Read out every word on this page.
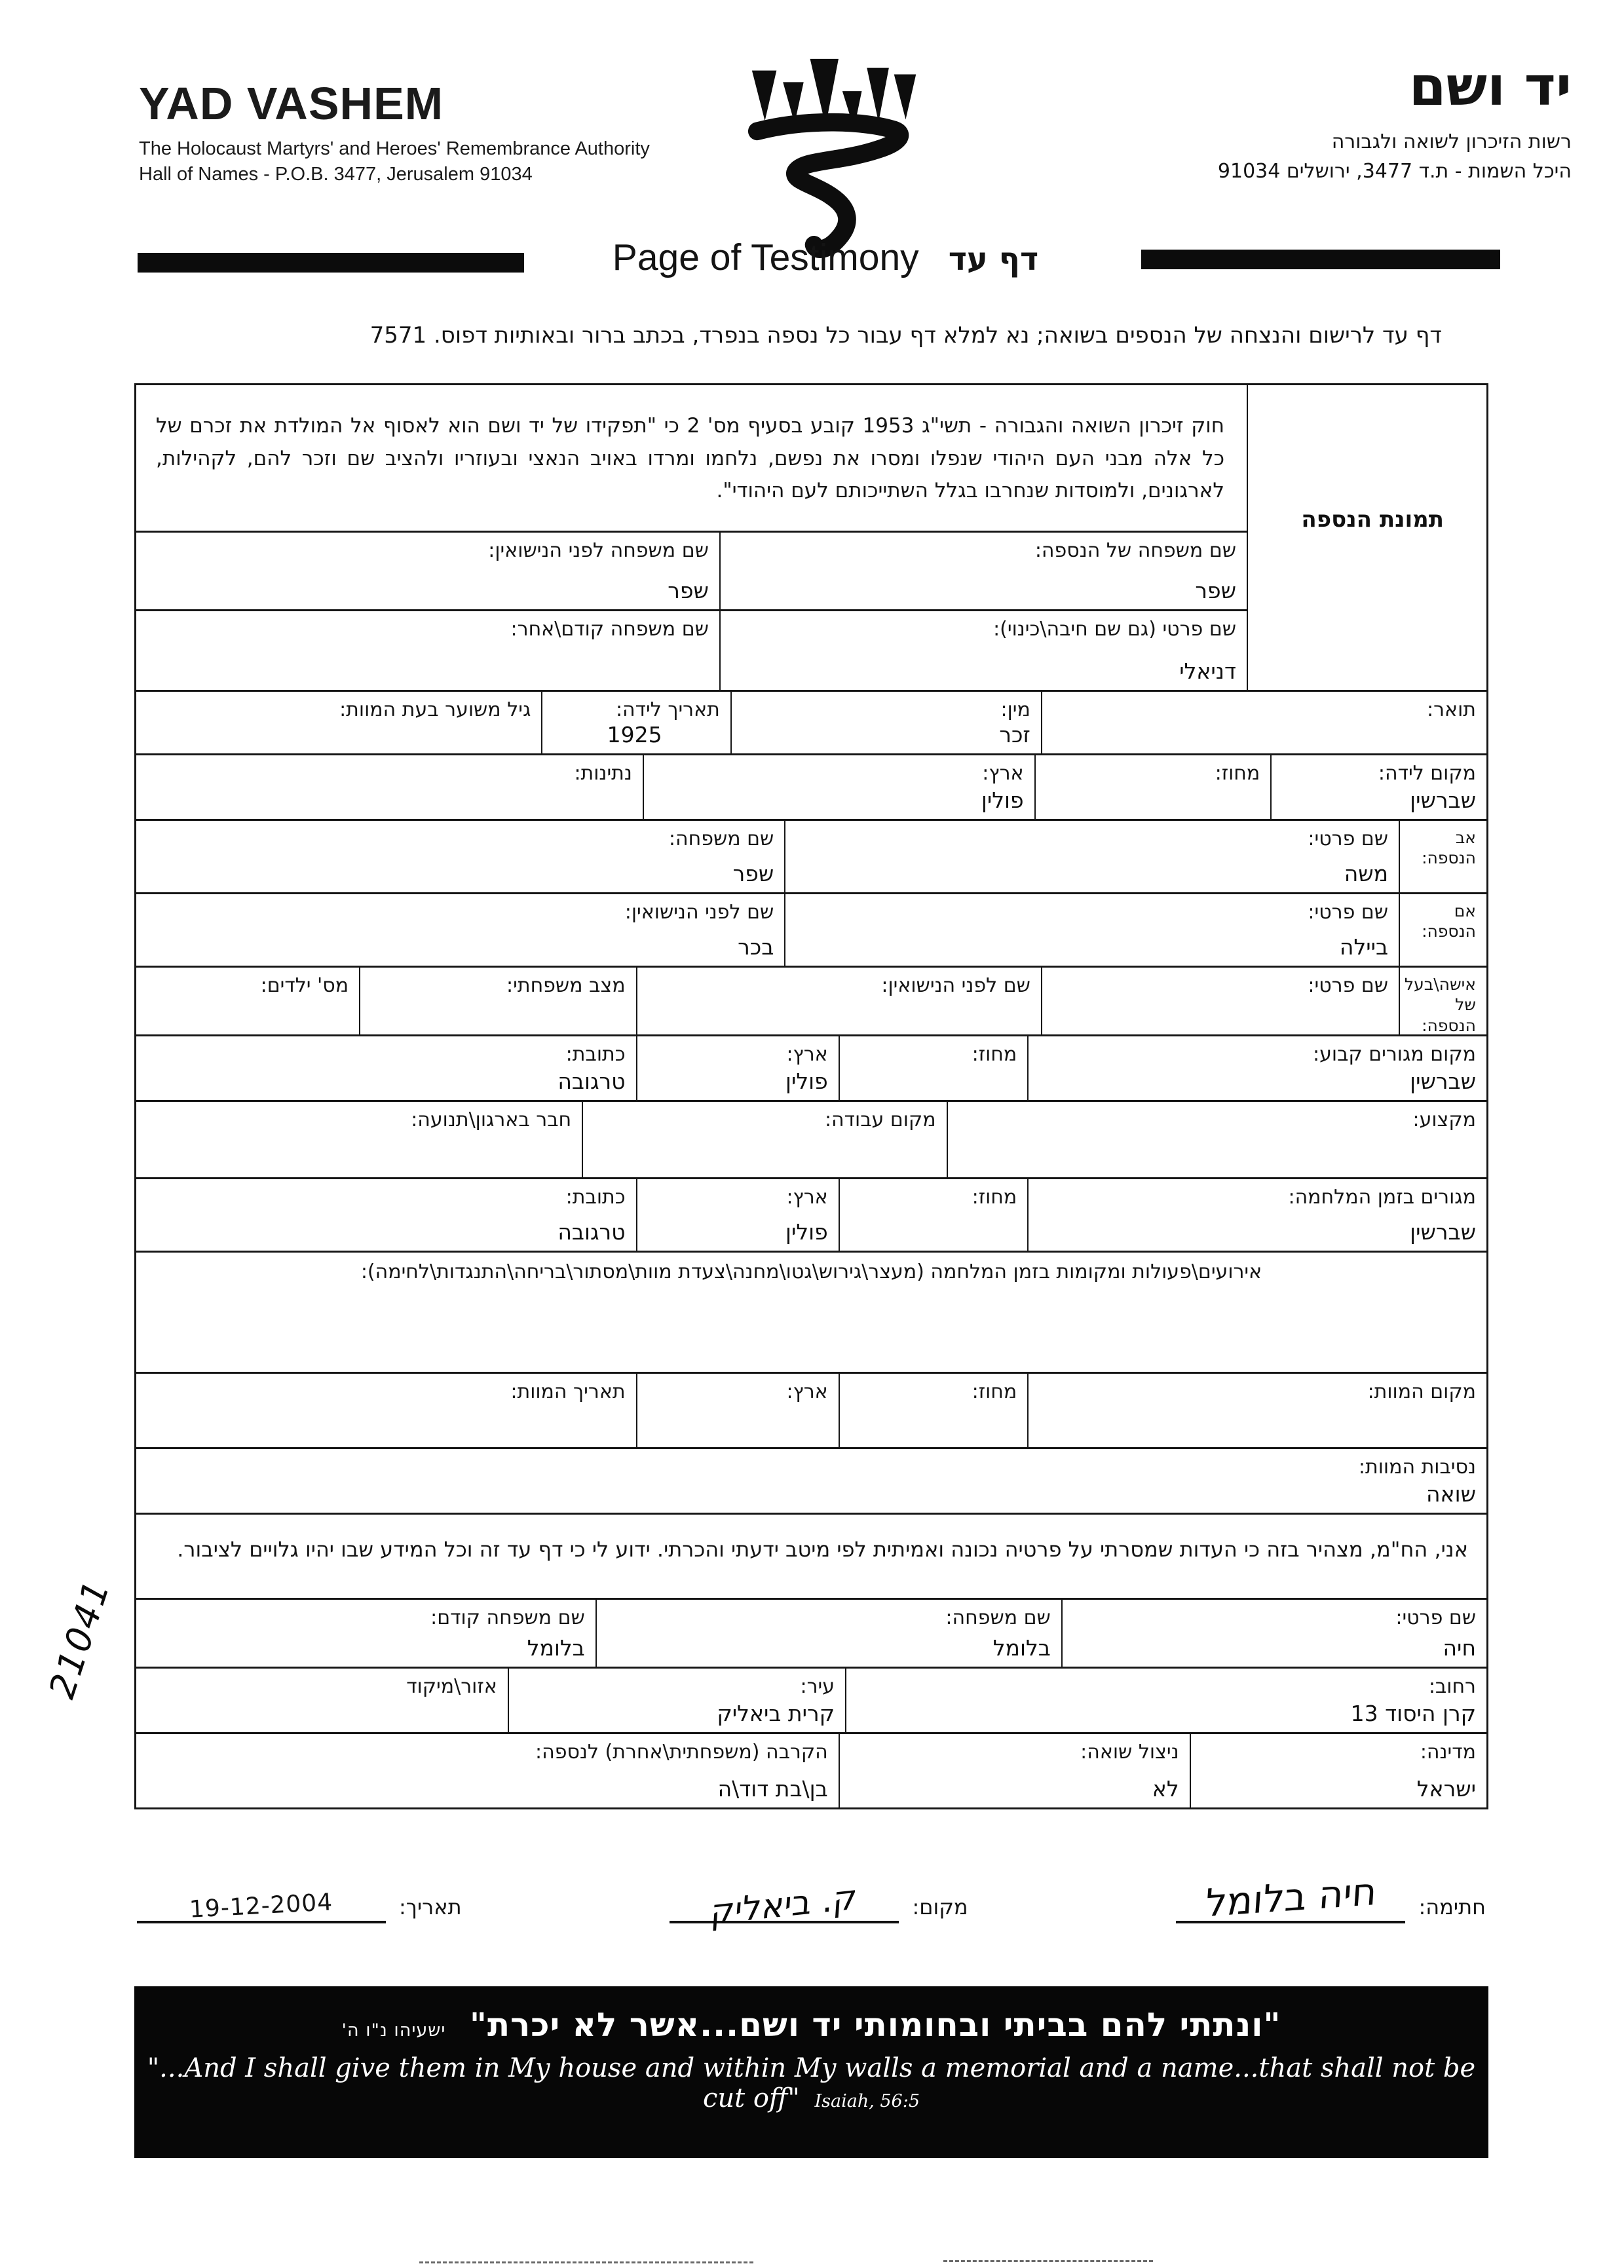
YAD VASHEM
The Holocaust Martyrs' and Heroes' Remembrance Authority
Hall of Names - P.O.B. 3477, Jerusalem 91034
יד ושם
רשות הזיכרון לשואה ולגבורה
היכל השמות - ת.ד 3477, ירושלים 91034
Page of Testimony דף עד
דף עד לרישום והנצחה של הנספים בשואה; נא למלא דף עבור כל נספה בנפרד, בכתב ברור ובאותיות דפוס. 7571
תמונת הנספה
חוק זיכרון השואה והגבורה - תשי"ג 1953 קובע בסעיף מס' 2 כי "תפקידו של יד ושם הוא לאסוף אל המולדת את זכרם של כל אלה מבני העם היהודי שנפלו ומסרו את נפשם, נלחמו ומרדו באויב הנאצי ובעוזריו ולהציב שם וזכר להם, לקהילות, לארגונים, ולמוסדות שנחרבו בגלל השתייכותם לעם היהודי".
שם משפחה של הנספה:
שפר
שם משפחה לפני הנישואין:
שפר
שם פרטי (גם שם חיבה\כינוי):
דניאלי
שם משפחה קודם\אחר:
תואר:
מין:
זכר
תאריך לידה:
1925
גיל משוער בעת המוות:
מקום לידה:
שברשין
מחוז:
ארץ:
פולין
נתינות:
אב הנספה:
שם פרטי:
משה
שם משפחה:
שפר
אם הנספה:
שם פרטי:
ביילה
שם לפני הנישואין:
בכר
אישה\בעל
של הנספה:
שם פרטי:
שם לפני הנישואין:
מצב משפחתי:
מס' ילדים:
מקום מגורים קבוע:
שברשין
מחוז:
ארץ:
פולין
כתובת:
טרגובה
מקצוע:
מקום עבודה:
חבר בארגון\תנועה:
מגורים בזמן המלחמה:
שברשין
מחוז:
ארץ:
פולין
כתובת:
טרגובה
אירועים\פעולות ומקומות בזמן המלחמה (מעצר\גירוש\גטו\מחנה\צעדת מוות\מסתור\בריחה\התנגדות\לחימה):
מקום המוות:
מחוז:
ארץ:
תאריך המוות:
נסיבות המוות:
שואה
אני, הח"מ, מצהיר בזה כי העדות שמסרתי על פרטיה נכונה ואמיתית לפי מיטב ידעתי והכרתי. ידוע לי כי דף עד זה וכל המידע שבו יהיו גלויים לציבור.
שם פרטי:
חיה
שם משפחה:
בלומל
שם משפחה קודם:
בלומל
רחוב:
קרן היסוד 13
עיר:
קרית ביאליק
אזור\מיקוד
מדינה:
ישראל
ניצול שואה:
לא
הקרבה (משפחתית\אחרת) לנספה:
בן\בת דוד\ה
חתימה:
חיה בלומל
מקום:
ק. ביאליק
תאריך:
19-12-2004
21041
"ונתתי להם בביתי ובחומותי יד ושם...אשר לא יכרת" ישעיהו נ"ו ה'
"...And I shall give them in My house and within My walls a memorial and a name...that shall not be cut off" Isaiah, 56:5
